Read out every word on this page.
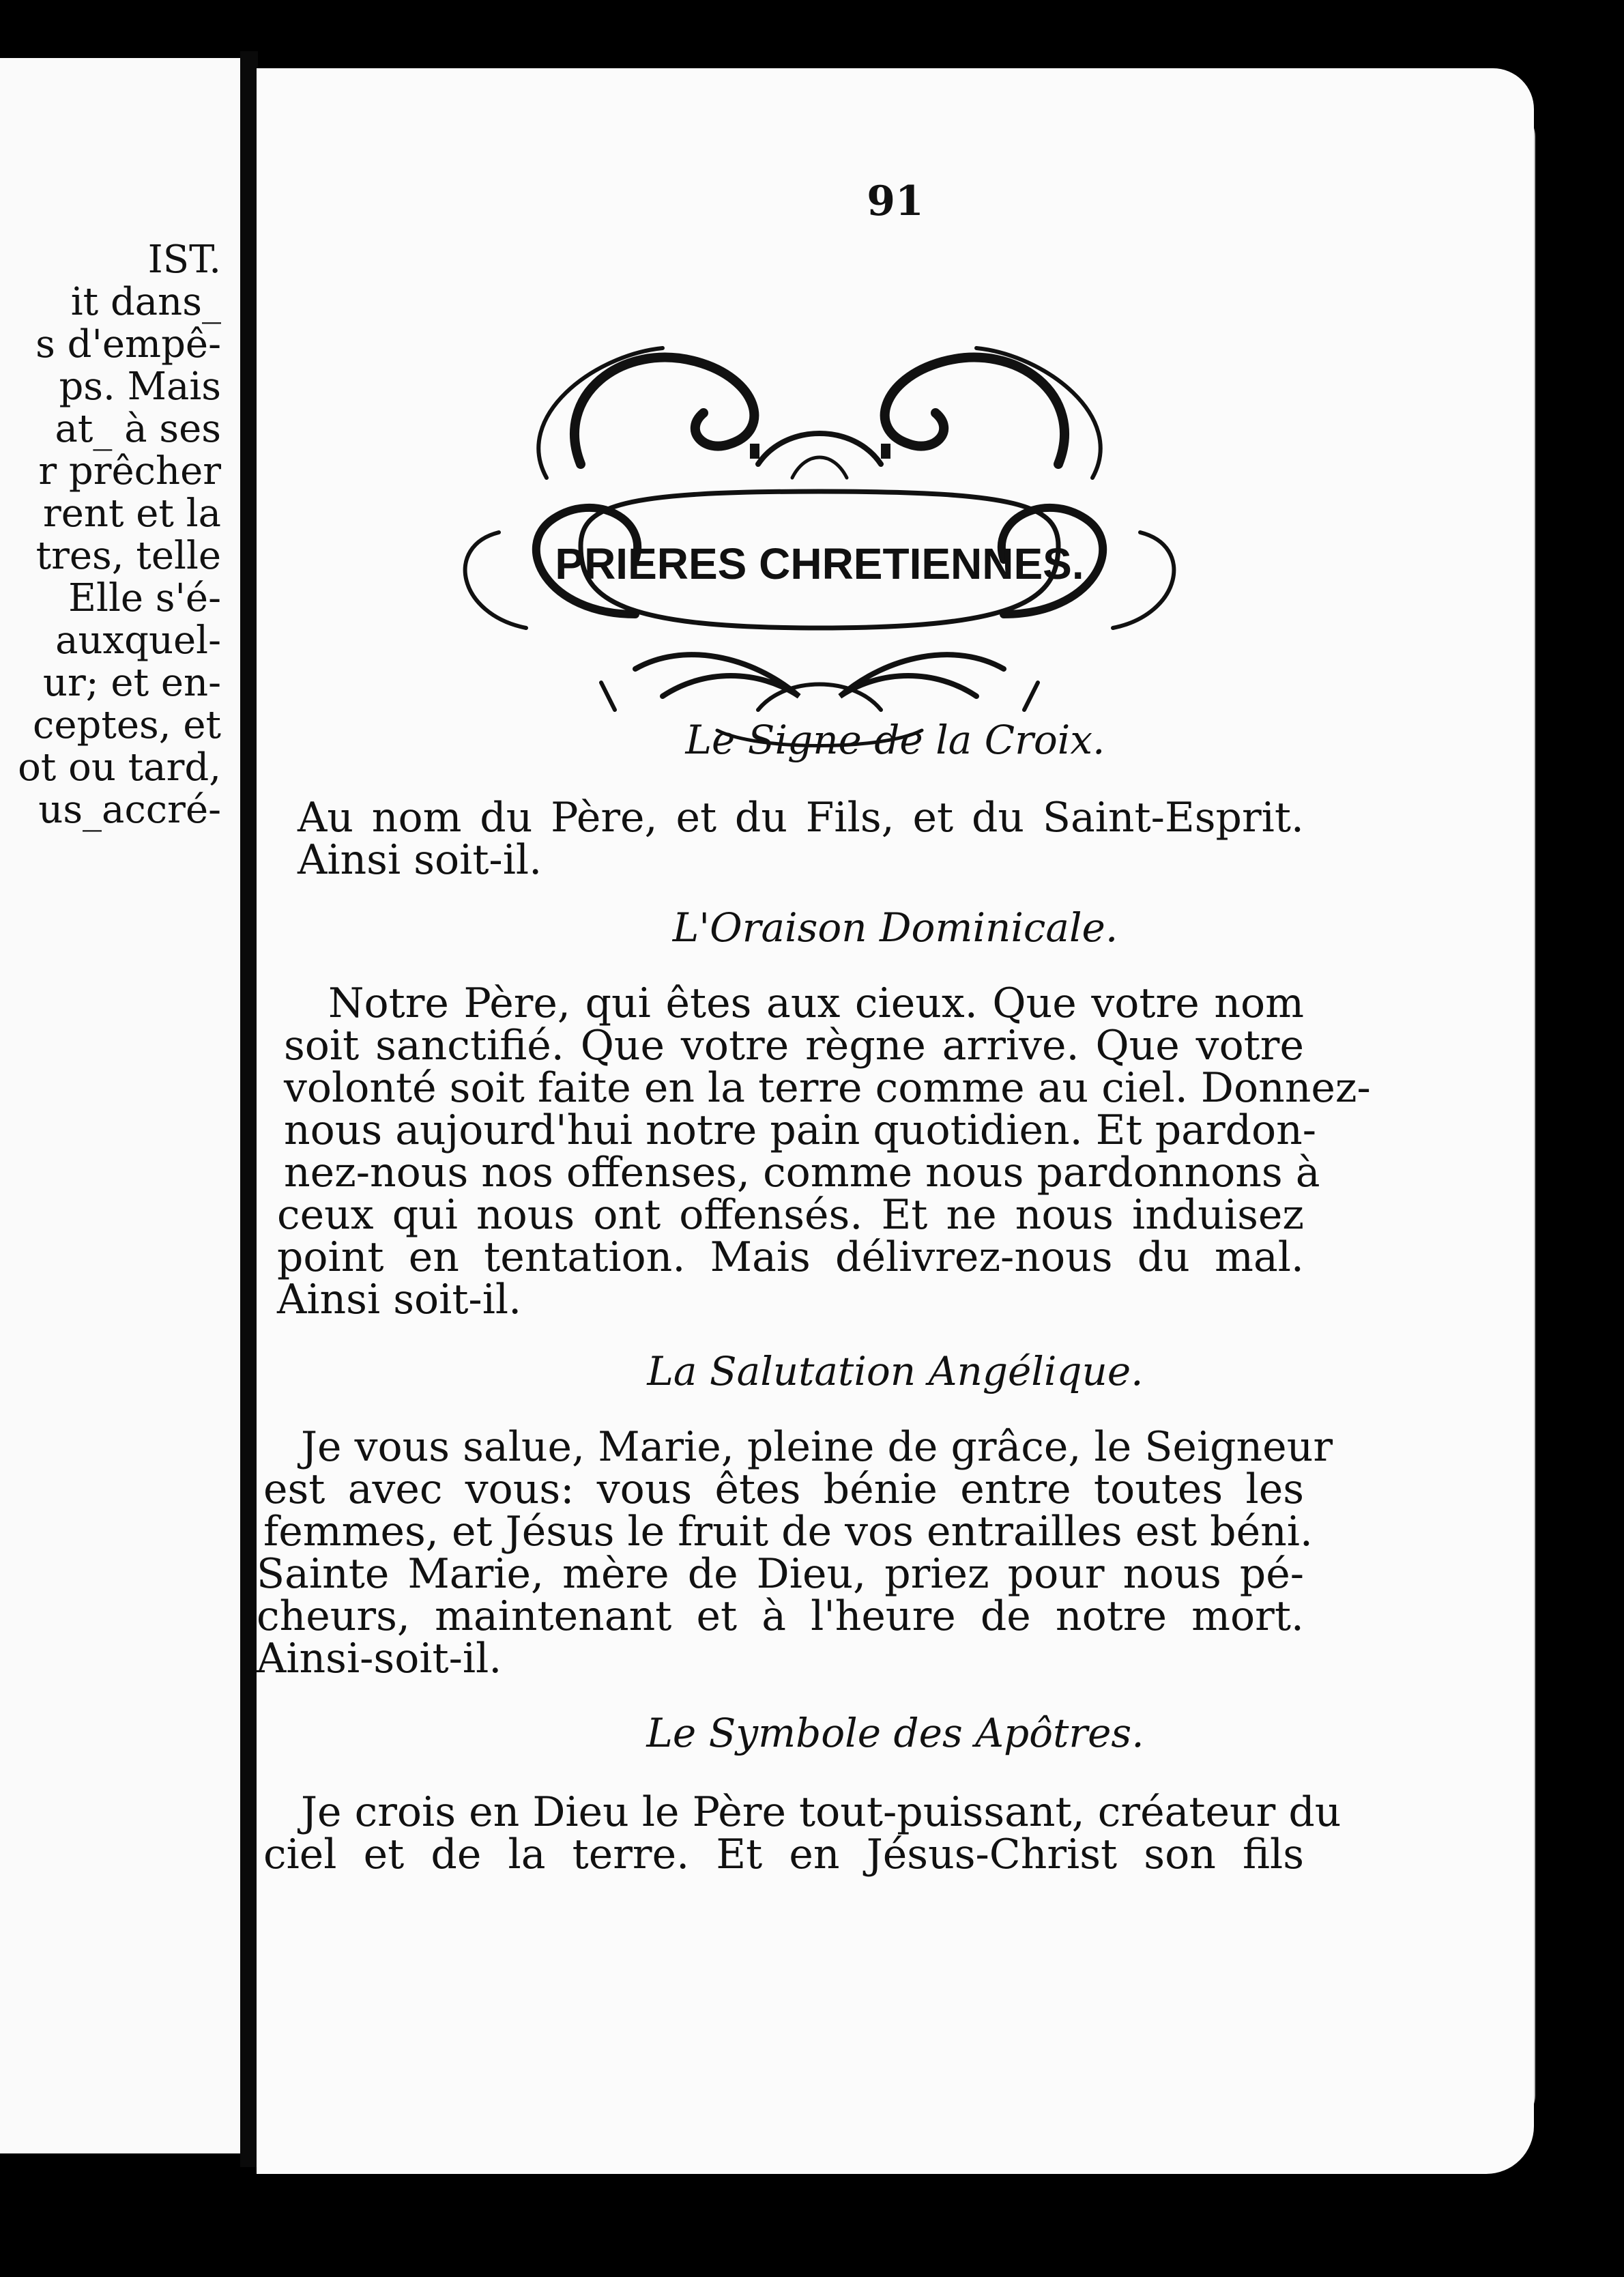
IST.
it dans_
s d'empê-
ps. Mais
at_ à ses
r prêcher
rent et la
tres, telle
Elle s'é-
auxquel-
ur; et en-
ceptes, et
ot ou tard,
us_accré-
91
PRIERES CHRETIENNES.
Le Signe de la Croix.
Au nom du Père, et du Fils, et du Saint-Esprit.
Ainsi soit-il.
L'Oraison Dominicale.
Notre Père, qui êtes aux cieux. Que votre nom
soit sanctifié. Que votre règne arrive. Que votre
volonté soit faite en la terre comme au ciel. Donnez-
nous aujourd'hui notre pain quotidien. Et pardon-
nez-nous nos offenses, comme nous pardonnons à
ceux qui nous ont offensés. Et ne nous induisez
point en tentation. Mais délivrez-nous du mal.
Ainsi soit-il.
La Salutation Angélique.
Je vous salue, Marie, pleine de grâce, le Seigneur
est avec vous: vous êtes bénie entre toutes les
femmes, et Jésus le fruit de vos entrailles est béni.
Sainte Marie, mère de Dieu, priez pour nous pé-
cheurs, maintenant et à l'heure de notre mort.
Ainsi-soit-il.
Le Symbole des Apôtres.
Je crois en Dieu le Père tout-puissant, créateur du
ciel et de la terre. Et en Jésus-Christ son fils
